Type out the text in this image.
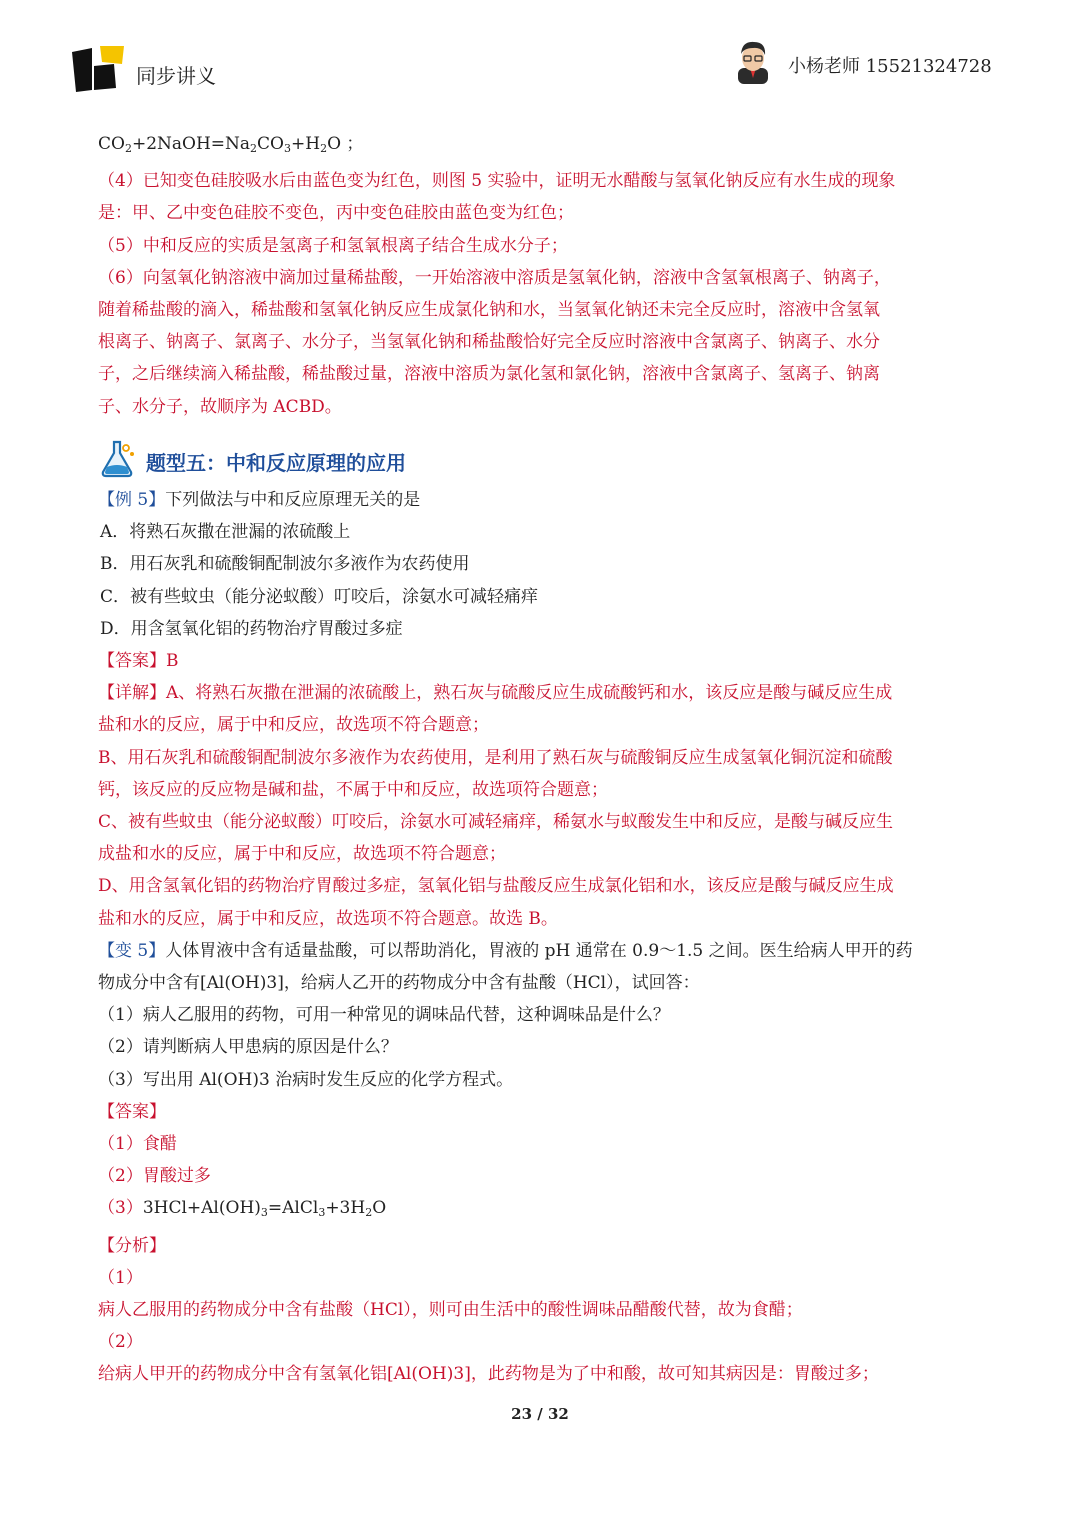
同步讲义	小杨老师 15521324728
$CO_2+2NaOH=Na_2CO_3+H_2O$ ；
（4）已知变色硅胶吸水后由蓝色变为红色，则图 5 实验中，证明无水醋酸与氢氧化钠反应有水生成的现象
是：甲、乙中变色硅胶不变色，丙中变色硅胶由蓝色变为红色；
（5）中和反应的实质是氢离子和氢氧根离子结合生成水分子；
（6）向氢氧化钠溶液中滴加过量稀盐酸，一开始溶液中溶质是氢氧化钠，溶液中含氢氧根离子、钠离子，
随着稀盐酸的滴入，稀盐酸和氢氧化钠反应生成氯化钠和水，当氢氧化钠还未完全反应时，溶液中含氢氧
根离子、钠离子、氯离子、水分子，当氢氧化钠和稀盐酸恰好完全反应时溶液中含氯离子、钠离子、水分
子，之后继续滴入稀盐酸，稀盐酸过量，溶液中溶质为氯化氢和氯化钠，溶液中含氯离子、氢离子、钠离
子、水分子，故顺序为 ACBD。
题型五：中和反应原理的应用
【例 5】下列做法与中和反应原理无关的是
A．将熟石灰撒在泄漏的浓硫酸上
B．用石灰乳和硫酸铜配制波尔多液作为农药使用
C．被有些蚊虫（能分泌蚁酸）叮咬后，涂氨水可减轻痛痒
D．用含氢氧化铝的药物治疗胃酸过多症
【答案】B
【详解】A、将熟石灰撒在泄漏的浓硫酸上，熟石灰与硫酸反应生成硫酸钙和水，该反应是酸与碱反应生成
盐和水的反应，属于中和反应，故选项不符合题意；
B、用石灰乳和硫酸铜配制波尔多液作为农药使用，是利用了熟石灰与硫酸铜反应生成氢氧化铜沉淀和硫酸
钙，该反应的反应物是碱和盐，不属于中和反应，故选项符合题意；
C、被有些蚊虫（能分泌蚁酸）叮咬后，涂氨水可减轻痛痒，稀氨水与蚁酸发生中和反应，是酸与碱反应生
成盐和水的反应，属于中和反应，故选项不符合题意；
D、用含氢氧化铝的药物治疗胃酸过多症，氢氧化铝与盐酸反应生成氯化铝和水，该反应是酸与碱反应生成
盐和水的反应，属于中和反应，故选项不符合题意。故选 B。
【变 5】人体胃液中含有适量盐酸，可以帮助消化，胃液的 pH 通常在 0.9～1.5 之间。医生给病人甲开的药
物成分中含有[Al(OH)3]，给病人乙开的药物成分中含有盐酸（HCl），试回答：
（1）病人乙服用的药物，可用一种常见的调味品代替，这种调味品是什么？
（2）请判断病人甲患病的原因是什么？
（3）写出用 Al(OH)3 治病时发生反应的化学方程式。
【答案】
（1）食醋
（2）胃酸过多
$(3)3HCl+Al(OH)_3=AlCl_3+3H_2O$
【分析】
（1）
病人乙服用的药物成分中含有盐酸（HCl），则可由生活中的酸性调味品醋酸代替，故为食醋；
（2）
给病人甲开的药物成分中含有氢氧化铝[Al(OH)3]，此药物是为了中和酸，故可知其病因是：胃酸过多；
23 / 32
